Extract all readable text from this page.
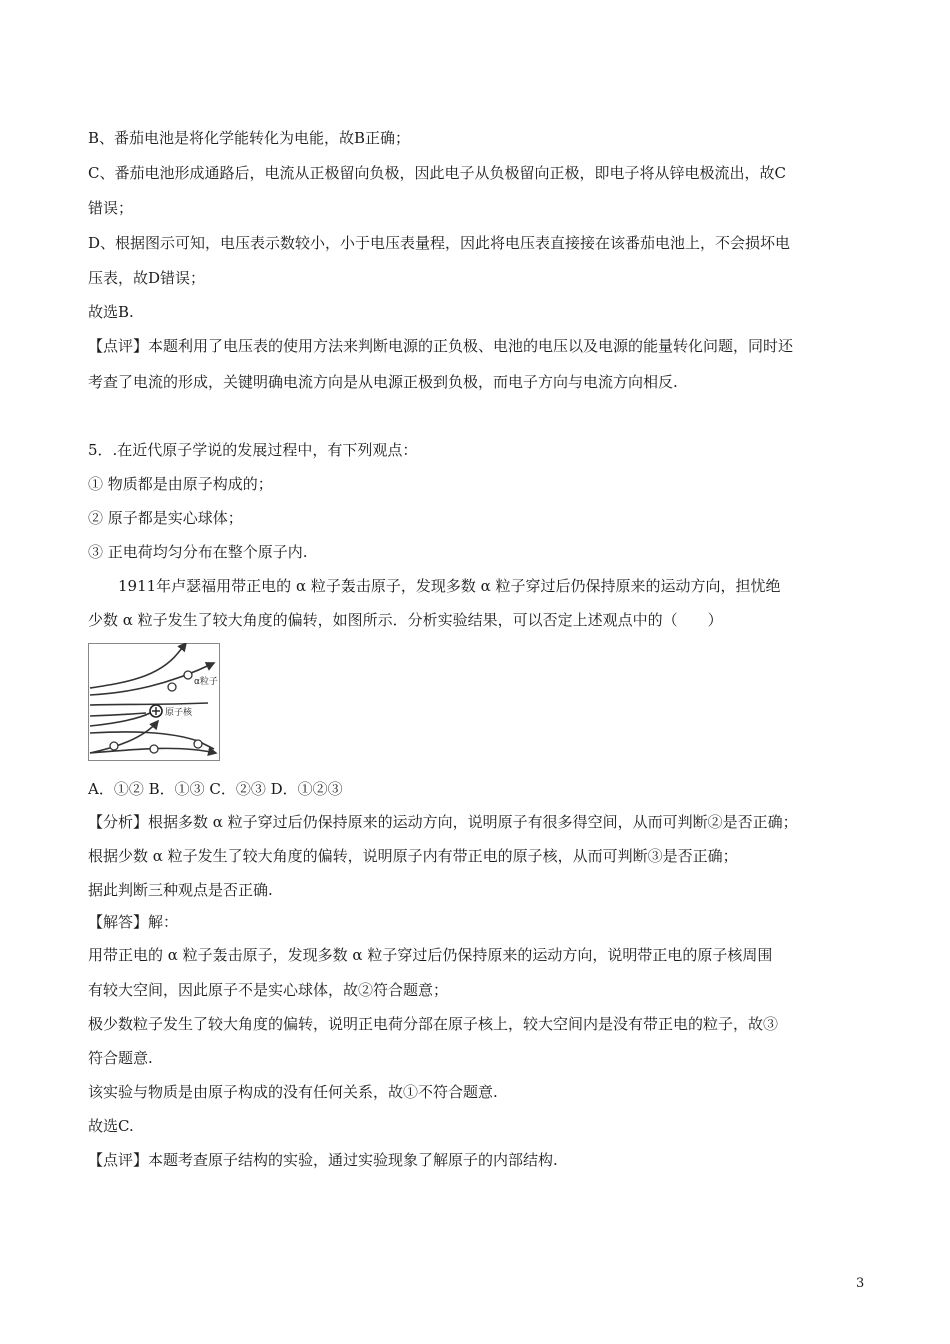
B、番茄电池是将化学能转化为电能，故B正确；
C、番茄电池形成通路后，电流从正极留向负极，因此电子从负极留向正极，即电子将从锌电极流出，故C
错误；
D、根据图示可知，电压表示数较小，小于电压表量程，因此将电压表直接接在该番茄电池上，不会损坏电
压表，故D错误；
故选B.
【点评】本题利用了电压表的使用方法来判断电源的正负极、电池的电压以及电源的能量转化问题，同时还
考查了电流的形成，关键明确电流方向是从电源正极到负极，而电子方向与电流方向相反.
5．.在近代原子学说的发展过程中，有下列观点：
① 物质都是由原子构成的；
② 原子都是实心球体；
③ 正电荷均匀分布在整个原子内.
1911年卢瑟福用带正电的 α 粒子轰击原子，发现多数 α 粒子穿过后仍保持原来的运动方向，担忧绝
少数 α 粒子发生了较大角度的偏转，如图所示．分析实验结果，可以否定上述观点中的（　　）
α粒子
原子核
A．①② B．①③ C．②③ D．①②③
【分析】根据多数 α 粒子穿过后仍保持原来的运动方向，说明原子有很多得空间，从而可判断②是否正确；
根据少数 α 粒子发生了较大角度的偏转，说明原子内有带正电的原子核，从而可判断③是否正确；
据此判断三种观点是否正确.
【解答】解：
用带正电的 α 粒子轰击原子，发现多数 α 粒子穿过后仍保持原来的运动方向，说明带正电的原子核周围
有较大空间，因此原子不是实心球体，故②符合题意；
极少数粒子发生了较大角度的偏转，说明正电荷分部在原子核上，较大空间内是没有带正电的粒子，故③
符合题意.
该实验与物质是由原子构成的没有任何关系，故①不符合题意.
故选C.
【点评】本题考查原子结构的实验，通过实验现象了解原子的内部结构.
3
